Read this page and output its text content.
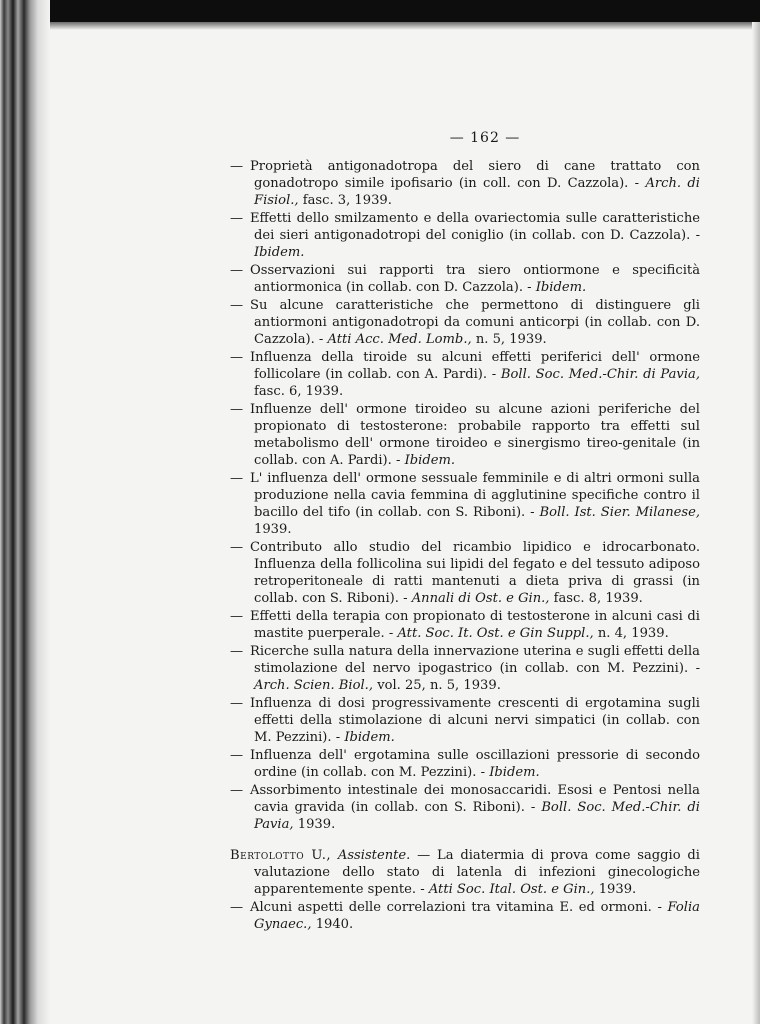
— 162 —

— Proprietà antigonadotropa del siero di cane trattato con gonadotropo simile ipofisario (in coll. con D. Cazzola). - Arch. di Fisiol., fasc. 3, 1939.

— Effetti dello smilzamento e della ovariectomia sulle caratteristiche dei sieri antigonadotropi del coniglio (in collab. con D. Cazzola). - Ibidem.

— Osservazioni sui rapporti tra siero ontiormone e specificità antiormonica (in collab. con D. Cazzola). - Ibidem.

— Su alcune caratteristiche che permettono di distinguere gli antiormoni antigonadotropi da comuni anticorpi (in collab. con D. Cazzola). - Atti Acc. Med. Lomb., n. 5, 1939.

— Influenza della tiroide su alcuni effetti periferici dell' ormone follicolare (in collab. con A. Pardi). - Boll. Soc. Med.-Chir. di Pavia, fasc. 6, 1939.

— Influenze dell' ormone tiroideo su alcune azioni periferiche del propionato di testosterone: probabile rapporto tra effetti sul metabolismo dell' ormone tiroideo e sinergismo tireo-genitale (in collab. con A. Pardi). - Ibidem.

— L' influenza dell' ormone sessuale femminile e di altri ormoni sulla produzione nella cavia femmina di agglutinine specifiche contro il bacillo del tifo (in collab. con S. Riboni). - Boll. Ist. Sier. Milanese, 1939.

— Contributo allo studio del ricambio lipidico e idrocarbonato. Influenza della follicolina sui lipidi del fegato e del tessuto adiposo retroperitoneale di ratti mantenuti a dieta priva di grassi (in collab. con S. Riboni). - Annali di Ost. e Gin., fasc. 8, 1939.

— Effetti della terapia con propionato di testosterone in alcuni casi di mastite puerperale. - Att. Soc. It. Ost. e Gin Suppl., n. 4, 1939.

— Ricerche sulla natura della innervazione uterina e sugli effetti della stimolazione del nervo ipogastrico (in collab. con M. Pezzini). - Arch. Scien. Biol., vol. 25, n. 5, 1939.

— Influenza di dosi progressivamente crescenti di ergotamina sugli effetti della stimolazione di alcuni nervi simpatici (in collab. con M. Pezzini). - Ibidem.

— Influenza dell' ergotamina sulle oscillazioni pressorie di secondo ordine (in collab. con M. Pezzini). - Ibidem.

— Assorbimento intestinale dei monosaccaridi. Esosi e Pentosi nella cavia gravida (in collab. con S. Riboni). - Boll. Soc. Med.-Chir. di Pavia, 1939.

Bertolotto U., Assistente. — La diatermia di prova come saggio di valutazione dello stato di latenla di infezioni ginecologiche apparentemente spente. - Atti Soc. Ital. Ost. e Gin., 1939.

— Alcuni aspetti delle correlazioni tra vitamina E. ed ormoni. - Folia Gynaec., 1940.
